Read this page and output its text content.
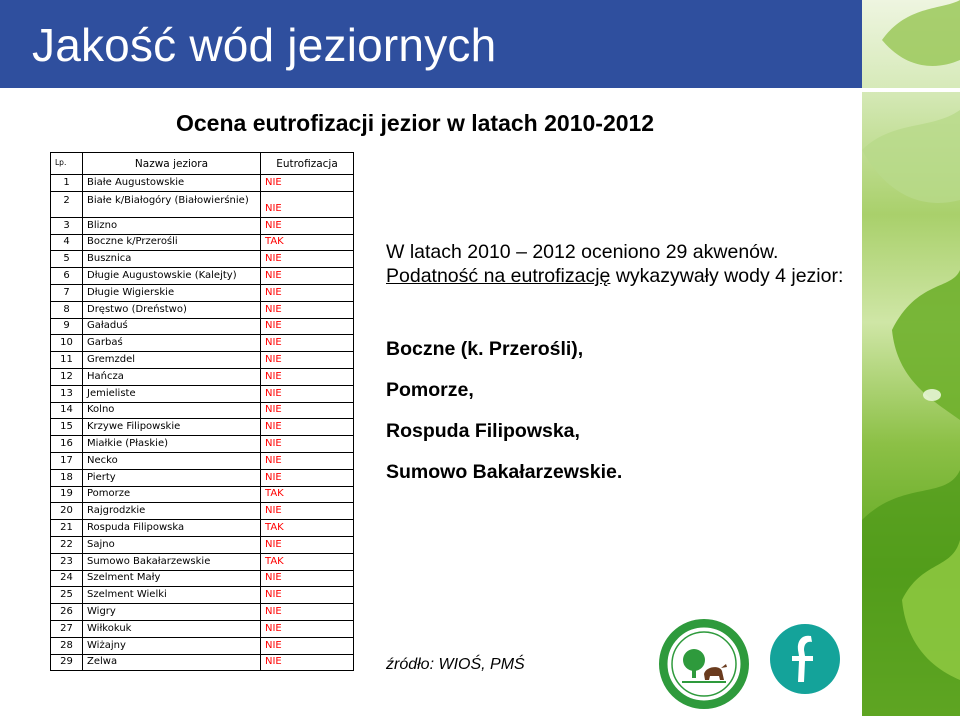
Jakość wód jeziornych
Ocena eutrofizacji jezior w latach 2010-2012
Lp.	Nazwa jeziora	Eutrofizacja
1	Białe Augustowskie	NIE
2	Białe k/Białogóry (Białowierśnie)	NIE
3	Blizno	NIE
4	Boczne k/Przerośli	TAK
5	Busznica	NIE
6	Długie Augustowskie (Kalejty)	NIE
7	Długie Wigierskie	NIE
8	Dręstwo (Dreństwo)	NIE
9	Gaładuś	NIE
10	Garbaś	NIE
11	Gremzdel	NIE
12	Hańcza	NIE
13	Jemieliste	NIE
14	Kolno	NIE
15	Krzywe Filipowskie	NIE
16	Miałkie (Płaskie)	NIE
17	Necko	NIE
18	Pierty	NIE
19	Pomorze	TAK
20	Rajgrodzkie	NIE
21	Rospuda Filipowska	TAK
22	Sajno	NIE
23	Sumowo Bakałarzewskie	TAK
24	Szelment Mały	NIE
25	Szelment Wielki	NIE
26	Wigry	NIE
27	Wiłkokuk	NIE
28	Wiżajny	NIE
29	Zelwa	NIE
W latach 2010 – 2012 oceniono 29 akwenów.
Podatność na eutrofizację wykazywały wody 4 jezior:
Boczne (k. Przerośli),
Pomorze,
Rospuda Filipowska,
Sumowo Bakałarzewskie.
źródło: WIOŚ, PMŚ
